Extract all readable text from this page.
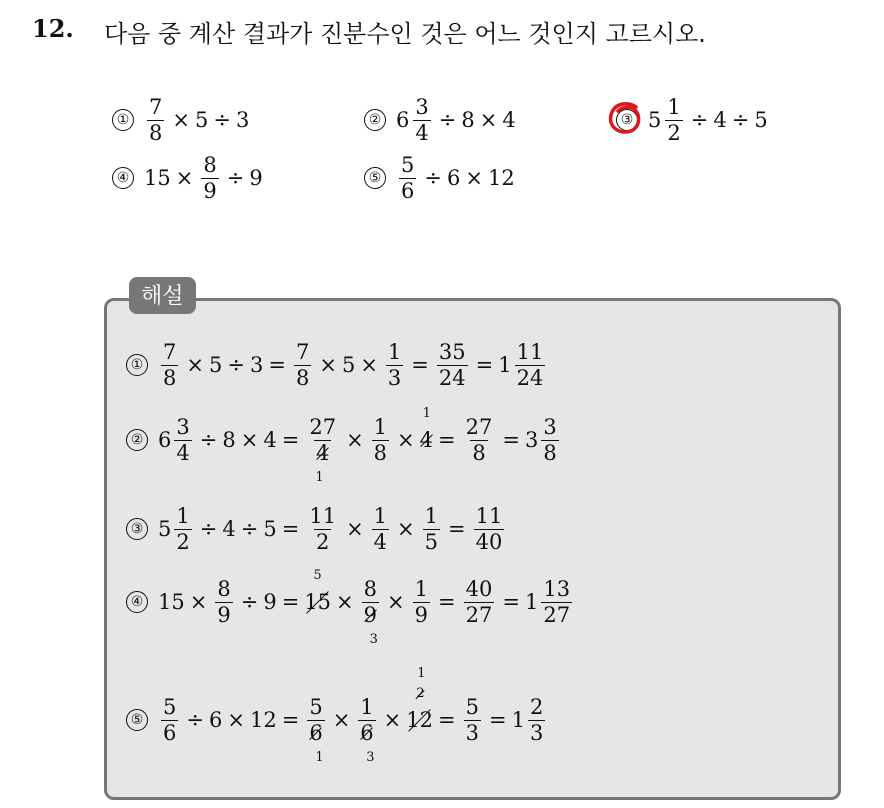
12. 다음 중 계산 결과가 진분수인 것은 어느 것인지 고르시오.
① $\frac{7}{8} \times 5 \div 3$	② $6 \frac{3}{4} \div 8 \times 4$	③ $5 \frac{1}{2} \div 4 \div 5$
④ $15 \times \frac{8}{9} \div 9$	⑤ $\frac{5}{6} \div 6 \times 12$
해설
① $\frac{7}{8} \times 5 \div 3 = \frac{7}{8} \times 5 \times \frac{1}{3} = \frac{35}{24} = 1 \frac{11}{24}$
② $6 \frac{3}{4} \div 8 \times 4 = 27$
4
$1 \times \frac{1}{8} \times 4$
1
= $\frac{27}{8} = 3 \frac{3}{8}$
③ $5 \frac{1}{2} \div 4 \div 5 = \frac{11}{2} \times \frac{1}{4} \times \frac{1}{5} = \frac{11}{40}$
④ $15 \times \frac{8}{9} \div 9 = 15$
5
× 8
9
$3 \times \frac{1}{9} = \frac{40}{27} = 1 \frac{13}{27}$
⑤ $\frac{5}{6} \div 6 \times 12 = 5$
6
1 × 1
6
3 × 12
2
1
= $\frac{5}{3} = 1 \frac{2}{3}$
